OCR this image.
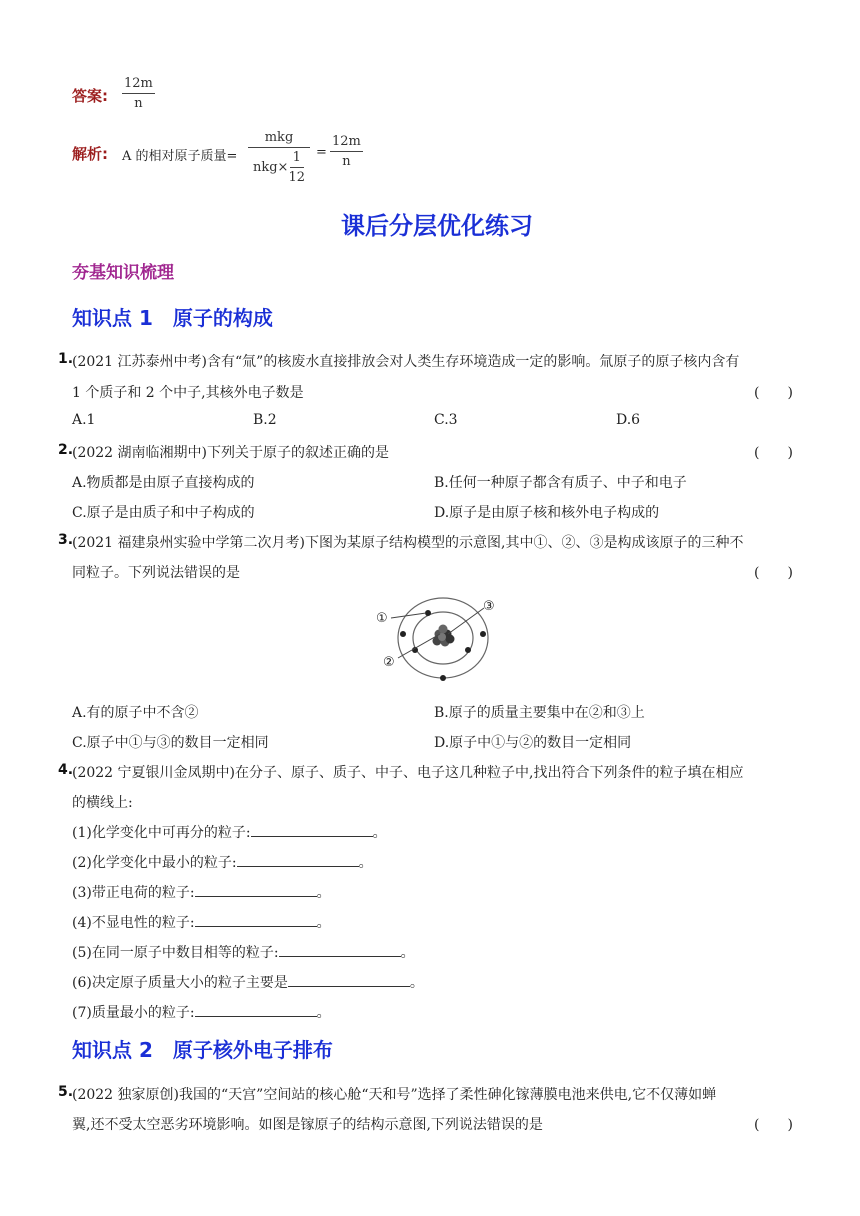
答案:
12m
n
解析: A 的相对原子质量=
mkg
nkg×
1
12
=
12m
n
课后分层优化练习
夯基知识梳理
知识点 1　原子的构成
1.
(2021 江苏泰州中考)含有“氚”的核废水直接排放会对人类生存环境造成一定的影响。氚原子的原子核内含有
1 个质子和 2 个中子,其核外电子数是	(　　)
A.1	B.2	C.3	D.6
2.
(2022 湖南临湘期中)下列关于原子的叙述正确的是	(　　)
A.物质都是由原子直接构成的	B.任何一种原子都含有质子、中子和电子
C.原子是由质子和中子构成的	D.原子是由原子核和核外电子构成的
3.
(2021 福建泉州实验中学第二次月考)下图为某原子结构模型的示意图,其中①、②、③是构成该原子的三种不
同粒子。下列说法错误的是	(　　)
①
②
③
A.有的原子中不含②	B.原子的质量主要集中在②和③上
C.原子中①与③的数目一定相同	D.原子中①与②的数目一定相同
4.
(2022 宁夏银川金凤期中)在分子、原子、质子、中子、电子这几种粒子中,找出符合下列条件的粒子填在相应
的横线上:
(1)化学变化中可再分的粒子:	。
(2)化学变化中最小的粒子:	。
(3)带正电荷的粒子:	。
(4)不显电性的粒子:	。
(5)在同一原子中数目相等的粒子:	。
(6)决定原子质量大小的粒子主要是	。
(7)质量最小的粒子:	。
知识点 2　原子核外电子排布
5.
(2022 独家原创)我国的“天宫”空间站的核心舱“天和号”选择了柔性砷化镓薄膜电池来供电,它不仅薄如蝉
翼,还不受太空恶劣环境影响。如图是镓原子的结构示意图,下列说法错误的是	(　　)
